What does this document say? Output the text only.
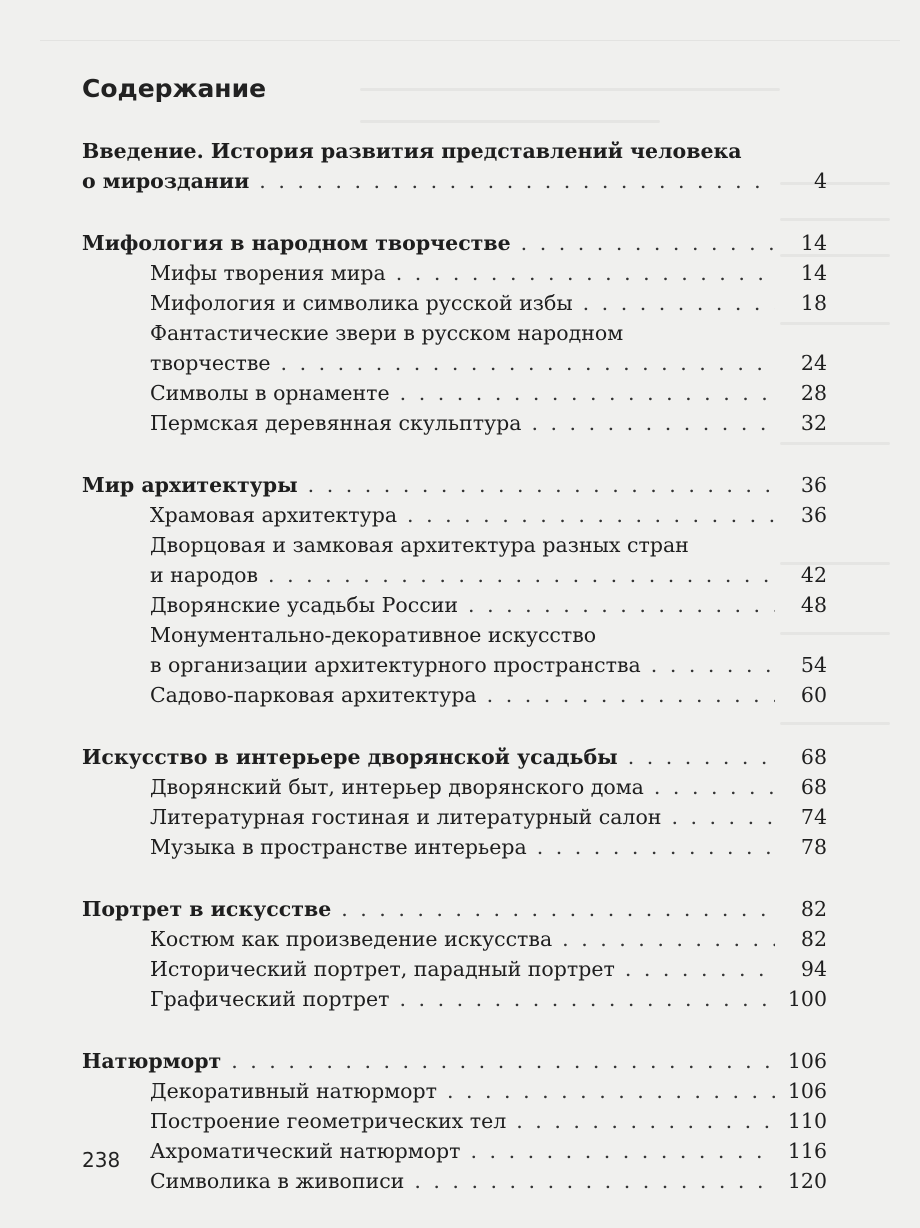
Содержание
Введение. История развития представлений человека
о мироздании . . .	4
Мифология в народном творчестве . . .	14
Мифы творения мира . . .	14
Мифология и символика русской избы . . .	18
Фантастические звери в русском народном
творчестве . . .	24
Символы в орнаменте . . .	28
Пермская деревянная скульптура . . .	32
Мир архитектуры . . .	36
Храмовая архитектура . . .	36
Дворцовая и замковая архитектура разных стран
и народов . . .	42
Дворянские усадьбы России . . .	48
Монументально-декоративное искусство
в организации архитектурного пространства . . .	54
Садово-парковая архитектура . . .	60
Искусство в интерьере дворянской усадьбы . . .	68
Дворянский быт, интерьер дворянского дома . . .	68
Литературная гостиная и литературный салон . . .	74
Музыка в пространстве интерьера . . .	78
Портрет в искусстве . . .	82
Костюм как произведение искусства . . .	82
Исторический портрет, парадный портрет . . .	94
Графический портрет . . .	100
Натюрморт . . .	106
Декоративный натюрморт . . .	106
Построение геометрических тел . . .	110
Ахроматический натюрморт . . .	116
Символика в живописи . . .	120
238
